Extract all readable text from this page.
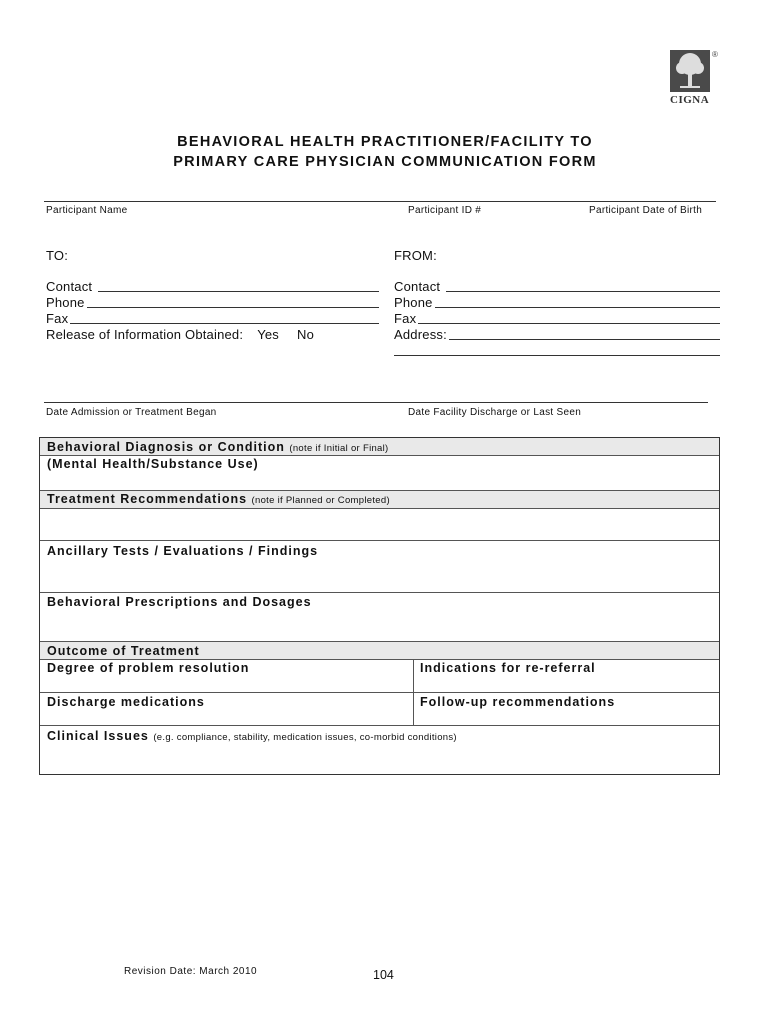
®
CIGNA
BEHAVIORAL HEALTH PRACTITIONER/FACILITY TO
PRIMARY CARE PHYSICIAN COMMUNICATION FORM
Participant Name	Participant ID #	Participant Date of Birth
TO:
Contact
Phone
Fax
Release of Information Obtained: Yes No
FROM:
Contact
Phone
Fax
Address:
Date Admission or Treatment Began	Date Facility Discharge or Last Seen
Behavioral Diagnosis or Condition (note if Initial or Final)
(Mental Health/Substance Use)
Treatment Recommendations (note if Planned or Completed)
Ancillary Tests / Evaluations / Findings
Behavioral Prescriptions and Dosages
Outcome of Treatment
Degree of problem resolution	Indications for re-referral
Discharge medications	Follow-up recommendations
Clinical Issues (e.g. compliance, stability, medication issues, co-morbid conditions)
Revision Date: March 2010	104
